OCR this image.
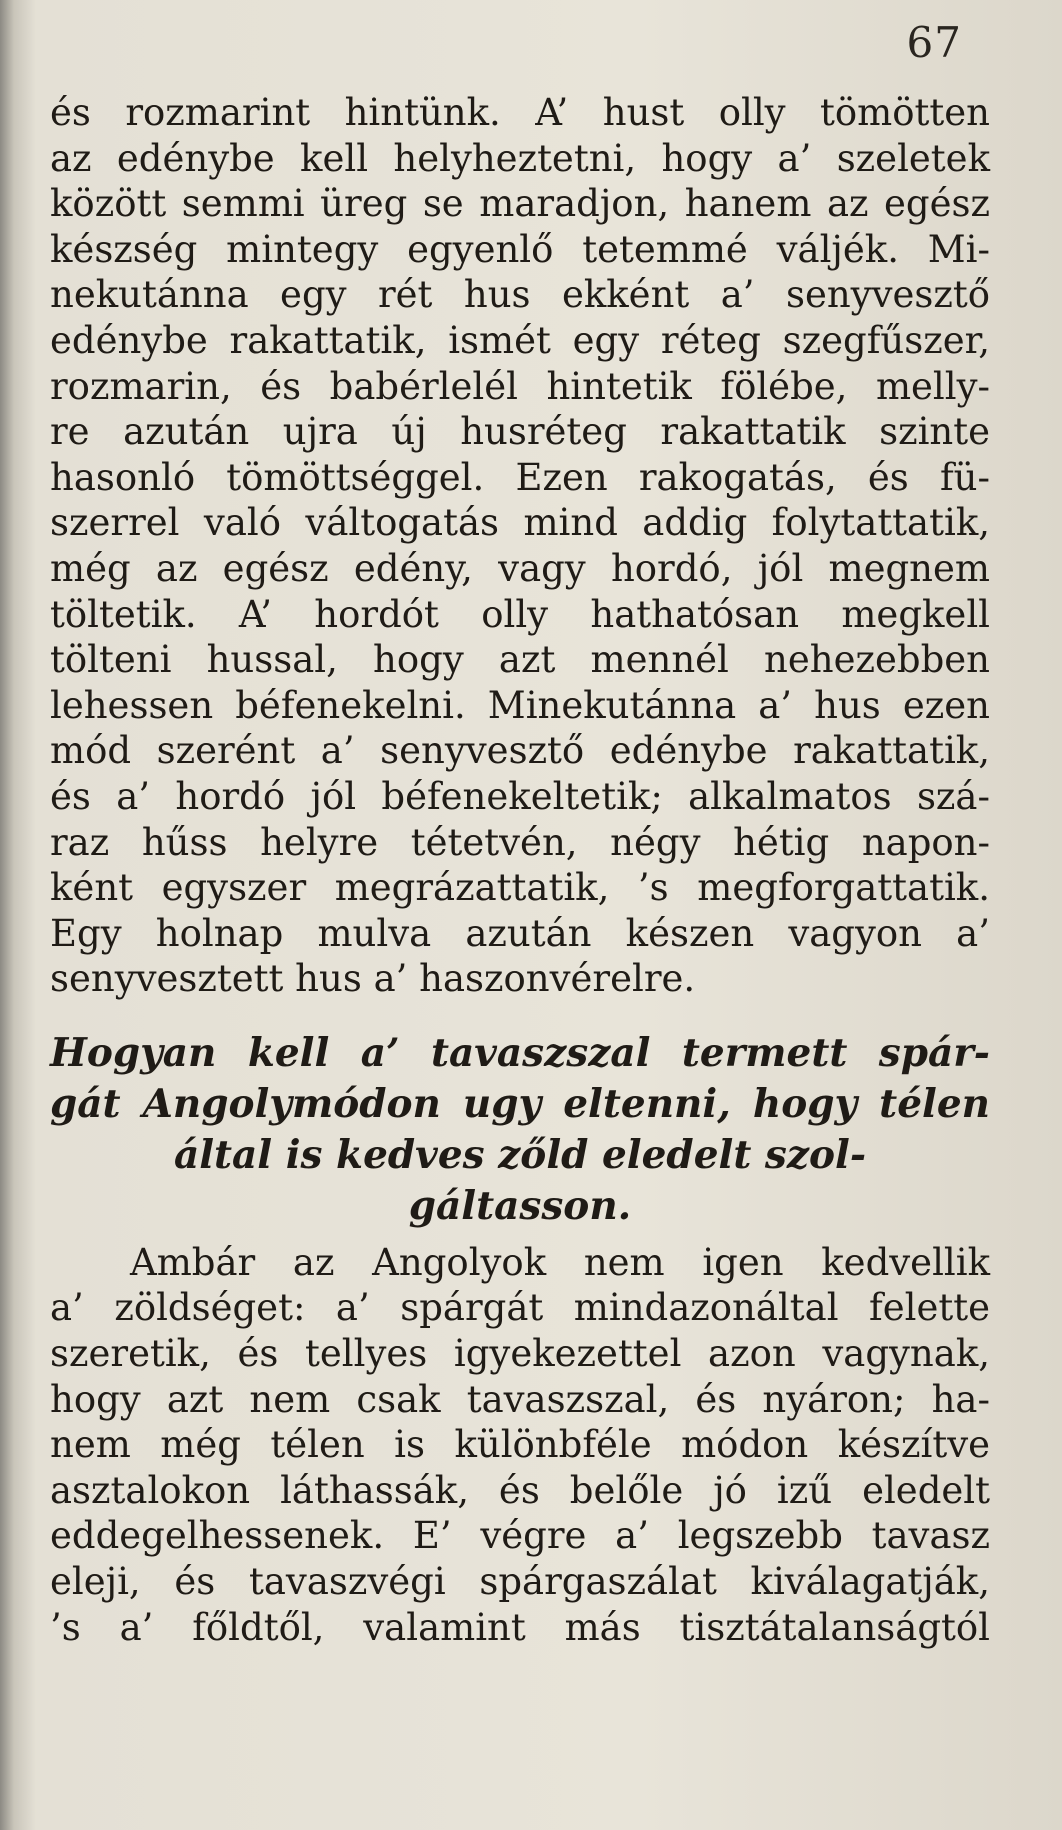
67
és rozmarint hintünk. A’ hust olly tömötten
az edénybe kell helyheztetni, hogy a’ szeletek
között semmi üreg se maradjon, hanem az egész
készség mintegy egyenlő tetemmé váljék. Mi-
nekutánna egy rét hus ekként a’ senyvesztő
edénybe rakattatik, ismét egy réteg szegfűszer,
rozmarin, és babérlelél hintetik fölébe, melly-
re azután ujra új husréteg rakattatik szinte
hasonló tömöttséggel. Ezen rakogatás, és fü-
szerrel való váltogatás mind addig folytattatik,
még az egész edény, vagy hordó, jól megnem
töltetik. A’ hordót olly hathatósan megkell
tölteni hussal, hogy azt mennél nehezebben
lehessen béfenekelni. Minekutánna a’ hus ezen
mód szerént a’ senyvesztő edénybe rakattatik,
és a’ hordó jól béfenekeltetik; alkalmatos szá-
raz hűss helyre tétetvén, négy hétig napon-
ként egyszer megrázattatik, ’s megforgattatik.
Egy holnap mulva azután készen vagyon a’
senyvesztett hus a’ haszonvérelre.
Hogyan kell a’ tavaszszal termett spár-
gát Angolymódon ugy eltenni, hogy télen
által is kedves zőld eledelt szol-
gáltasson.
Ambár az Angolyok nem igen kedvellik
a’ zöldséget: a’ spárgát mindazonáltal felette
szeretik, és tellyes igyekezettel azon vagynak,
hogy azt nem csak tavaszszal, és nyáron; ha-
nem még télen is különbféle módon készítve
asztalokon láthassák, és belőle jó izű eledelt
eddegelhessenek. E’ végre a’ legszebb tavasz
eleji, és tavaszvégi spárgaszálat kiválagatják,
’s a’ főldtől, valamint más tisztátalanságtól
